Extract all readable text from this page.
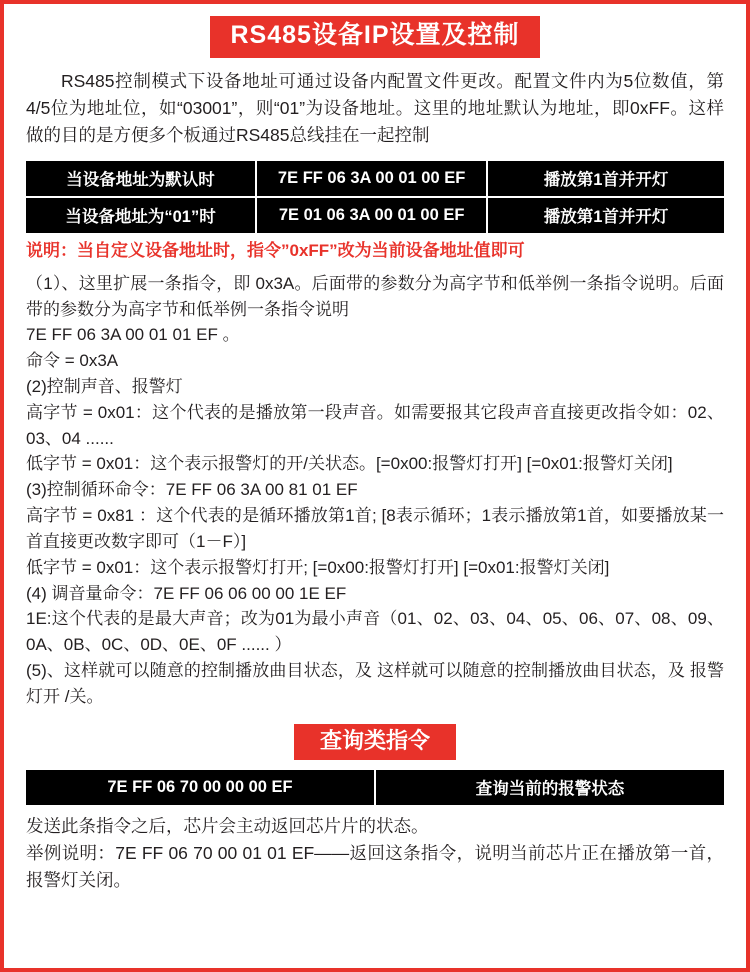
RS485设备IP设置及控制

RS485控制模式下设备地址可通过设备内配置文件更改。配置文件内为5位数值，第4/5位为地址位，如“03001”，则“01”为设备地址。这里的地址默认为地址，即0xFF。这样做的目的是方便多个板通过RS485总线挂在一起控制

当设备地址为默认时	7E FF 06 3A 00 01 00 EF	播放第1首并开灯
当设备地址为“01”时	7E 01 06 3A 00 01 00 EF	播放第1首并开灯
说明：当自定义设备地址时，指令”0xFF”改为当前设备地址值即可

（1）、这里扩展一条指令，即 0x3A。后面带的参数分为高字节和低举例一条指令说明。后面带的参数分为高字节和低举例一条指令说明

7E FF 06 3A 00 01 01 EF 。

命令 = 0x3A

(2)控制声音、报警灯

高字节 = 0x01：这个代表的是播放第一段声音。如需要报其它段声音直接更改指令如：02、03、04 ......

低字节 = 0x01：这个表示报警灯的开/关状态。[=0x00:报警灯打开] [=0x01:报警灯关闭]

(3)控制循环命令：7E FF 06 3A 00 81 01 EF

高字节 = 0x81 ：这个代表的是循环播放第1首; [8表示循环；1表示播放第1首，如要播放某一首直接更改数字即可（1－F）]

低字节 = 0x01：这个表示报警灯打开; [=0x00:报警灯打开] [=0x01:报警灯关闭]

(4) 调音量命令：7E FF 06 06 00 00 1E EF

1E:这个代表的是最大声音；改为01为最小声音（01、02、03、04、05、06、07、08、09、0A、0B、0C、0D、0E、0F ...... ）

(5)、这样就可以随意的控制播放曲目状态，及 这样就可以随意的控制播放曲目状态，及 报警灯开 /关。

查询类指令
7E FF 06 70 00 00 00 EF	查询当前的报警状态

发送此条指令之后，芯片会主动返回芯片片的状态。

举例说明：7E FF 06 70 00 01 01 EF——返回这条指令，说明当前芯片正在播放第一首，报警灯关闭。
